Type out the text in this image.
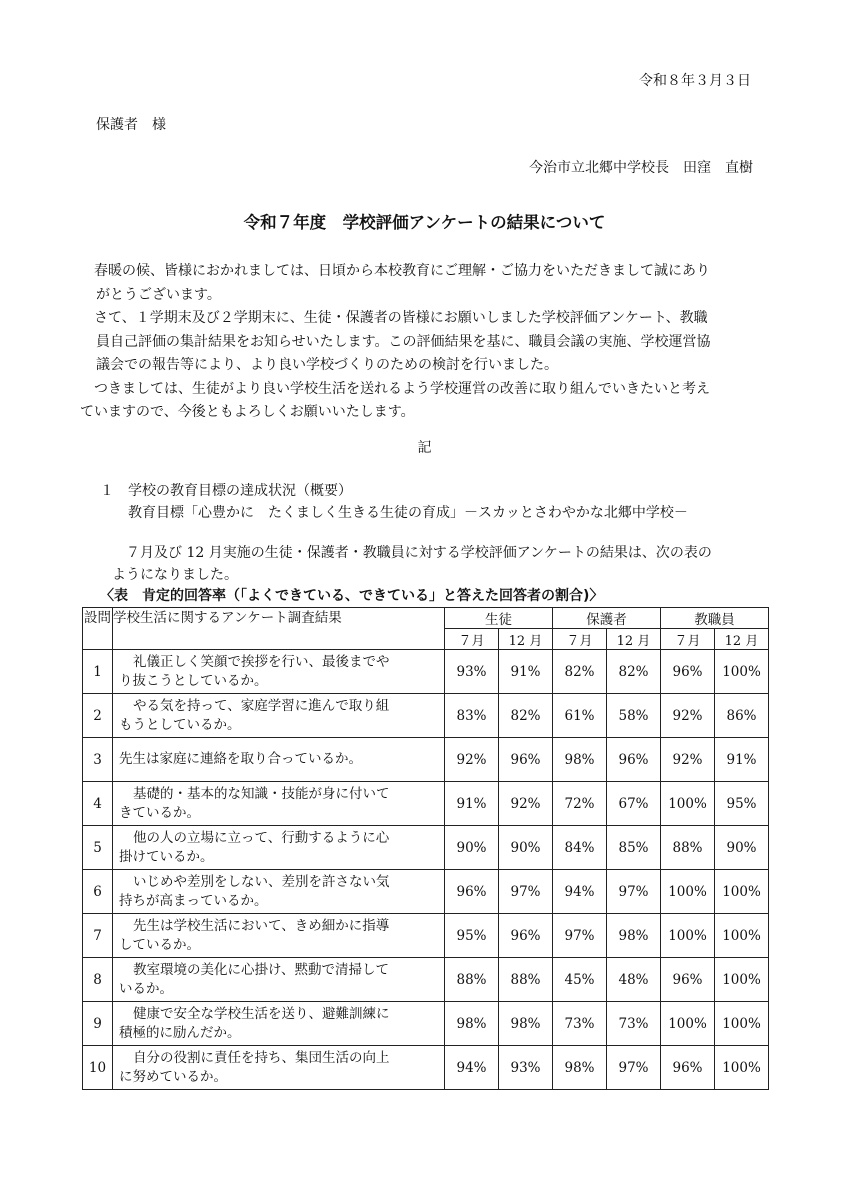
令和８年３月３日
保護者　様
今治市立北郷中学校長　田窪　直樹
令和７年度　学校評価アンケートの結果について

春暖の候、皆様におかれましては、日頃から本校教育にご理解・ご協力をいただきまして誠にあり

がとうございます。

さて、１学期末及び２学期末に、生徒・保護者の皆様にお願いしました学校評価アンケート、教職

員自己評価の集計結果をお知らせいたします。この評価結果を基に、職員会議の実施、学校運営協

議会での報告等により、より良い学校づくりのための検討を行いました。

つきましては、生徒がより良い学校生活を送れるよう学校運営の改善に取り組んでいきたいと考え

ていますので、今後ともよろしくお願いいたします。

記
１　学校の教育目標の達成状況（概要）
教育目標「心豊かに　たくましく生きる生徒の育成」－スカッとさわやかな北郷中学校－

７月及び 12 月実施の生徒・保護者・教職員に対する学校評価アンケートの結果は、次の表の

ようになりました。

〈表　肯定的回答率（「よくできている、できている」と答えた回答者の割合)〉
設問	学校生活に関するアンケート調査結果	生徒		保護者		教職員	
		７月	12 月	７月	12 月	７月	12 月
1	礼儀正しく笑顔で挨拶を行い、最後までや
り抜こうとしているか。	93%	91%	82%	82%	96%	100%
2	やる気を持って、家庭学習に進んで取り組
もうとしているか。	83%	82%	61%	58%	92%	86%
3	先生は家庭に連絡を取り合っているか。	92%	96%	98%	96%	92%	91%
4	基礎的・基本的な知識・技能が身に付いて
きているか。	91%	92%	72%	67%	100%	95%
5	他の人の立場に立って、行動するように心
掛けているか。	90%	90%	84%	85%	88%	90%
6	いじめや差別をしない、差別を許さない気
持ちが高まっているか。	96%	97%	94%	97%	100%	100%
7	先生は学校生活において、きめ細かに指導
しているか。	95%	96%	97%	98%	100%	100%
8	教室環境の美化に心掛け、黙動で清掃して
いるか。	88%	88%	45%	48%	96%	100%
9	健康で安全な学校生活を送り、避難訓練に
積極的に励んだか。	98%	98%	73%	73%	100%	100%
10	自分の役割に責任を持ち、集団生活の向上
に努めているか。	94%	93%	98%	97%	96%	100%
